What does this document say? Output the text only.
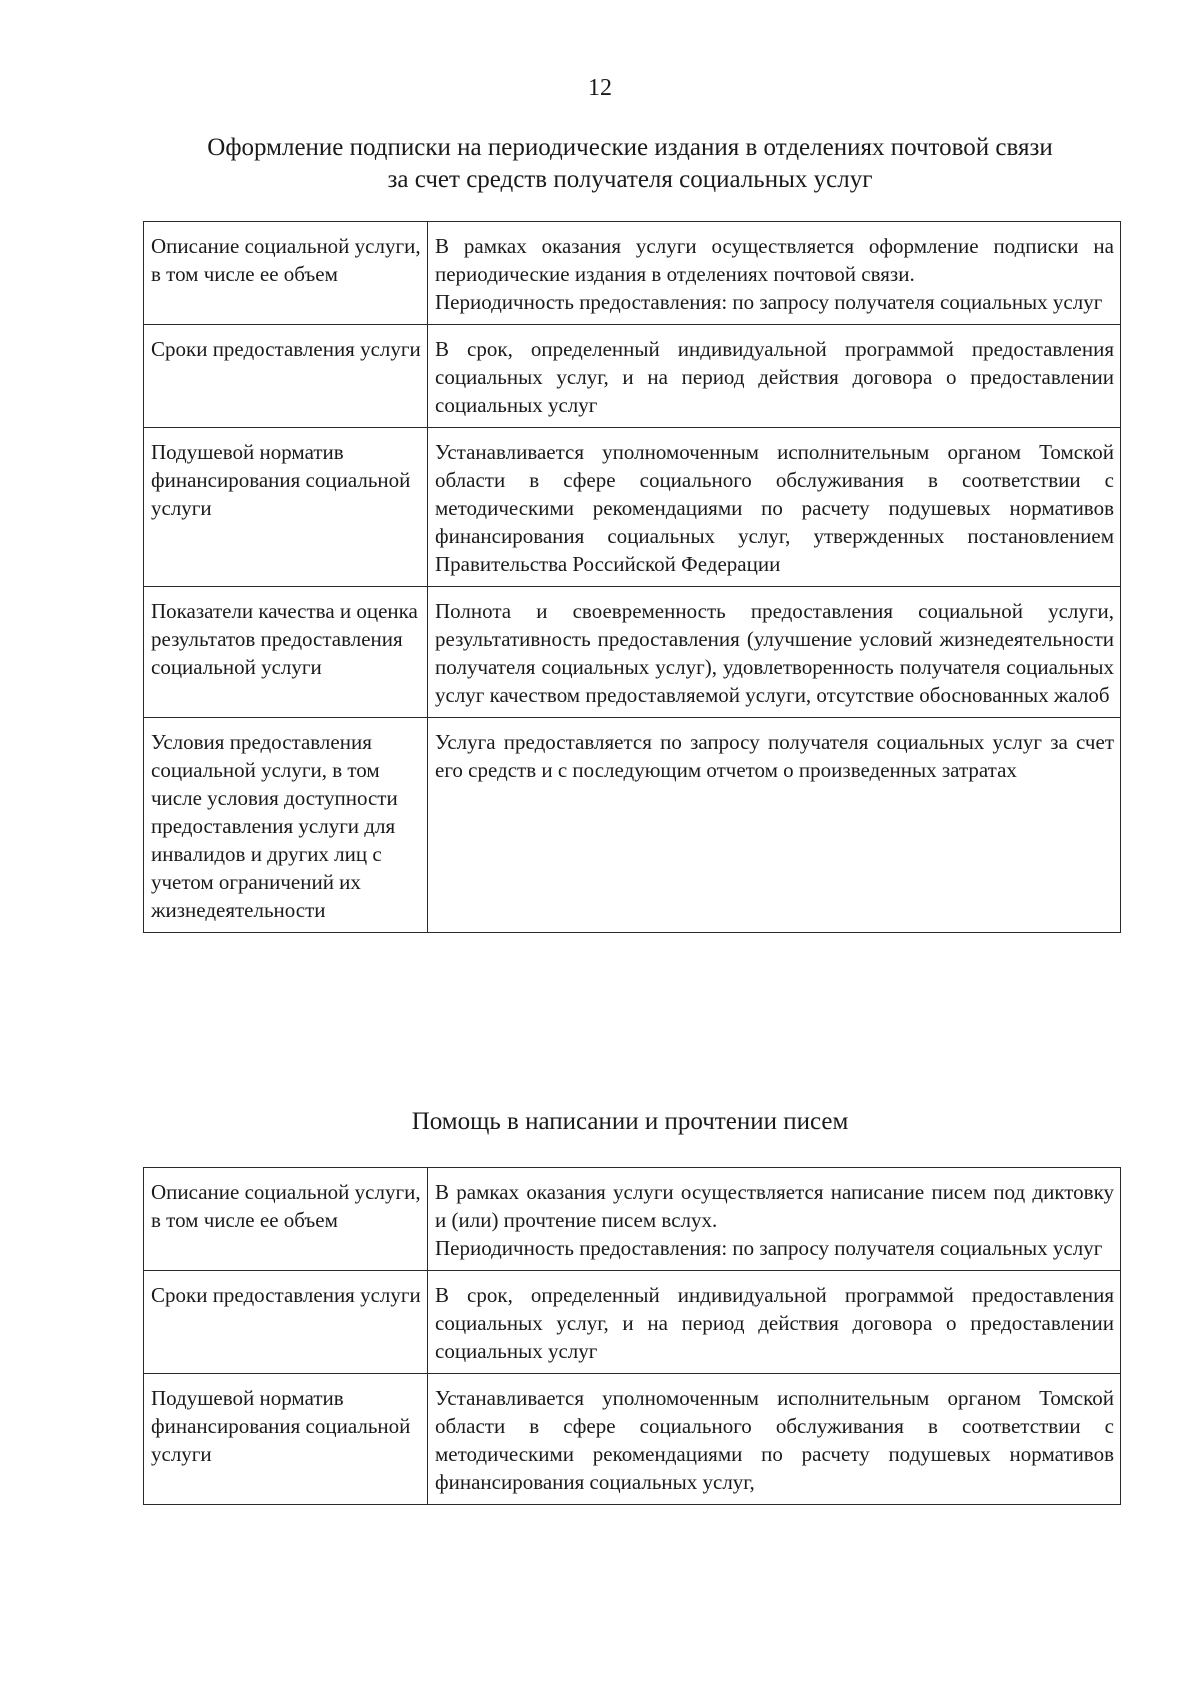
12
Оформление подписки на периодические издания в отделениях почтовой связи
за счет средств получателя социальных услуг
Описание социальной услуги, в том числе ее объем	В рамках оказания услуги осуществляется оформление подписки на периодические издания в отделениях почтовой связи.
Периодичность предоставления: по запросу получателя социальных услуг

Сроки предоставления услуги	В срок, определенный индивидуальной программой предоставления социальных услуг, и на период действия договора о предоставлении социальных услуг

Подушевой норматив финансирования социальной услуги	Устанавливается уполномоченным исполнительным органом Томской области в сфере социального обслуживания в соответствии с методическими рекомендациями по расчету подушевых нормативов финансирования социальных услуг, утвержденных постановлением Правительства Российской Федерации

Показатели качества и оценка результатов предоставления социальной услуги	Полнота и своевременность предоставления социальной услуги, результативность предоставления (улучшение условий жизнедеятельности получателя социальных услуг), удовлетворенность получателя социальных услуг качеством предоставляемой услуги, отсутствие обоснованных жалоб

Условия предоставления социальной услуги, в том числе условия доступности предоставления услуги для инвалидов и других лиц с учетом ограничений их жизнедеятельности	Услуга предоставляется по запросу получателя социальных услуг за счет его средств и с последующим отчетом о произведенных затратах
Помощь в написании и прочтении писем
Описание социальной услуги, в том числе ее объем	В рамках оказания услуги осуществляется написание писем под диктовку и (или) прочтение писем вслух.
Периодичность предоставления: по запросу получателя социальных услуг

Сроки предоставления услуги	В срок, определенный индивидуальной программой предоставления социальных услуг, и на период действия договора о предоставлении социальных услуг

Подушевой норматив финансирования социальной услуги	Устанавливается уполномоченным исполнительным органом Томской области в сфере социального обслуживания в соответствии с методическими рекомендациями по расчету подушевых нормативов финансирования социальных услуг,
